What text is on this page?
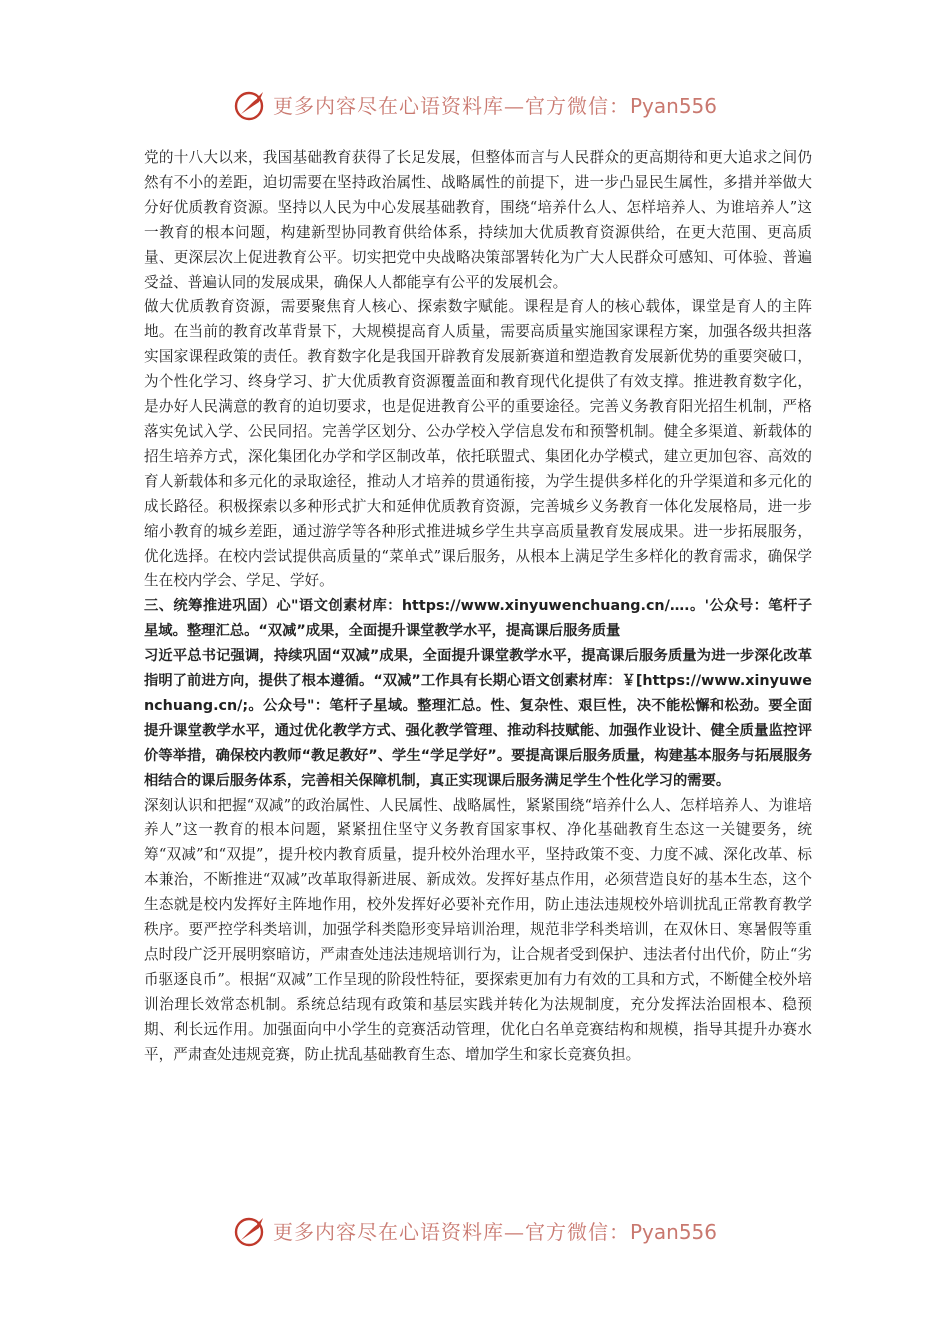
更多内容尽在心语资料库—官方微信：Pyan556

党的十八大以来，我国基础教育获得了长足发展，但整体而言与人民群众的更高期待和更大追求之间仍然有不小的差距，迫切需要在坚持政治属性、战略属性的前提下，进一步凸显民生属性，多措并举做大分好优质教育资源。坚持以人民为中心发展基础教育，围绕“培养什么人、怎样培养人、为谁培养人”这一教育的根本问题，构建新型协同教育供给体系，持续加大优质教育资源供给，在更大范围、更高质量、更深层次上促进教育公平。切实把党中央战略决策部署转化为广大人民群众可感知、可体验、普遍受益、普遍认同的发展成果，确保人人都能享有公平的发展机会。

做大优质教育资源，需要聚焦育人核心、探索数字赋能。课程是育人的核心载体，课堂是育人的主阵地。在当前的教育改革背景下，大规模提高育人质量，需要高质量实施国家课程方案，加强各级共担落实国家课程政策的责任。教育数字化是我国开辟教育发展新赛道和塑造教育发展新优势的重要突破口，为个性化学习、终身学习、扩大优质教育资源覆盖面和教育现代化提供了有效支撑。推进教育数字化，是办好人民满意的教育的迫切要求，也是促进教育公平的重要途径。完善义务教育阳光招生机制，严格落实免试入学、公民同招。完善学区划分、公办学校入学信息发布和预警机制。健全多渠道、新载体的招生培养方式，深化集团化办学和学区制改革，依托联盟式、集团化办学模式，建立更加包容、高效的育人新载体和多元化的录取途径，推动人才培养的贯通衔接，为学生提供多样化的升学渠道和多元化的成长路径。积极探索以多种形式扩大和延伸优质教育资源，完善城乡义务教育一体化发展格局，进一步缩小教育的城乡差距，通过游学等各种形式推进城乡学生共享高质量教育发展成果。进一步拓展服务，优化选择。在校内尝试提供高质量的“菜单式”课后服务，从根本上满足学生多样化的教育需求，确保学生在校内学会、学足、学好。

三、统筹推进巩固）心"语文创素材库：https://www.xinyuwenchuang.cn/….。'公众号：笔杆子星域。整理汇总。“双减”成果，全面提升课堂教学水平，提高课后服务质量

习近平总书记强调，持续巩固“双减”成果，全面提升课堂教学水平，提高课后服务质量为进一步深化改革指明了前进方向，提供了根本遵循。“双减”工作具有长期心语文创素材库：￥[https://www.xinyuwenchuang.cn/;。公众号"：笔杆子星域。整理汇总。性、复杂性、艰巨性，决不能松懈和松劲。要全面提升课堂教学水平，通过优化教学方式、强化教学管理、推动科技赋能、加强作业设计、健全质量监控评价等举措，确保校内教师“教足教好”、学生“学足学好”。要提高课后服务质量，构建基本服务与拓展服务相结合的课后服务体系，完善相关保障机制，真正实现课后服务满足学生个性化学习的需要。

深刻认识和把握“双减”的政治属性、人民属性、战略属性，紧紧围绕“培养什么人、怎样培养人、为谁培养人”这一教育的根本问题，紧紧扭住坚守义务教育国家事权、净化基础教育生态这一关键要务，统筹“双减”和“双提”，提升校内教育质量，提升校外治理水平，坚持政策不变、力度不减、深化改革、标本兼治，不断推进“双减”改革取得新进展、新成效。发挥好基点作用，必须营造良好的基本生态，这个生态就是校内发挥好主阵地作用，校外发挥好必要补充作用，防止违法违规校外培训扰乱正常教育教学秩序。要严控学科类培训，加强学科类隐形变异培训治理，规范非学科类培训，在双休日、寒暑假等重点时段广泛开展明察暗访，严肃查处违法违规培训行为，让合规者受到保护、违法者付出代价，防止“劣币驱逐良币”。根据“双减”工作呈现的阶段性特征，要探索更加有力有效的工具和方式，不断健全校外培训治理长效常态机制。系统总结现有政策和基层实践并转化为法规制度，充分发挥法治固根本、稳预期、利长远作用。加强面向中小学生的竞赛活动管理，优化白名单竞赛结构和规模，指导其提升办赛水平，严肃查处违规竞赛，防止扰乱基础教育生态、增加学生和家长竞赛负担。

更多内容尽在心语资料库—官方微信：Pyan556
